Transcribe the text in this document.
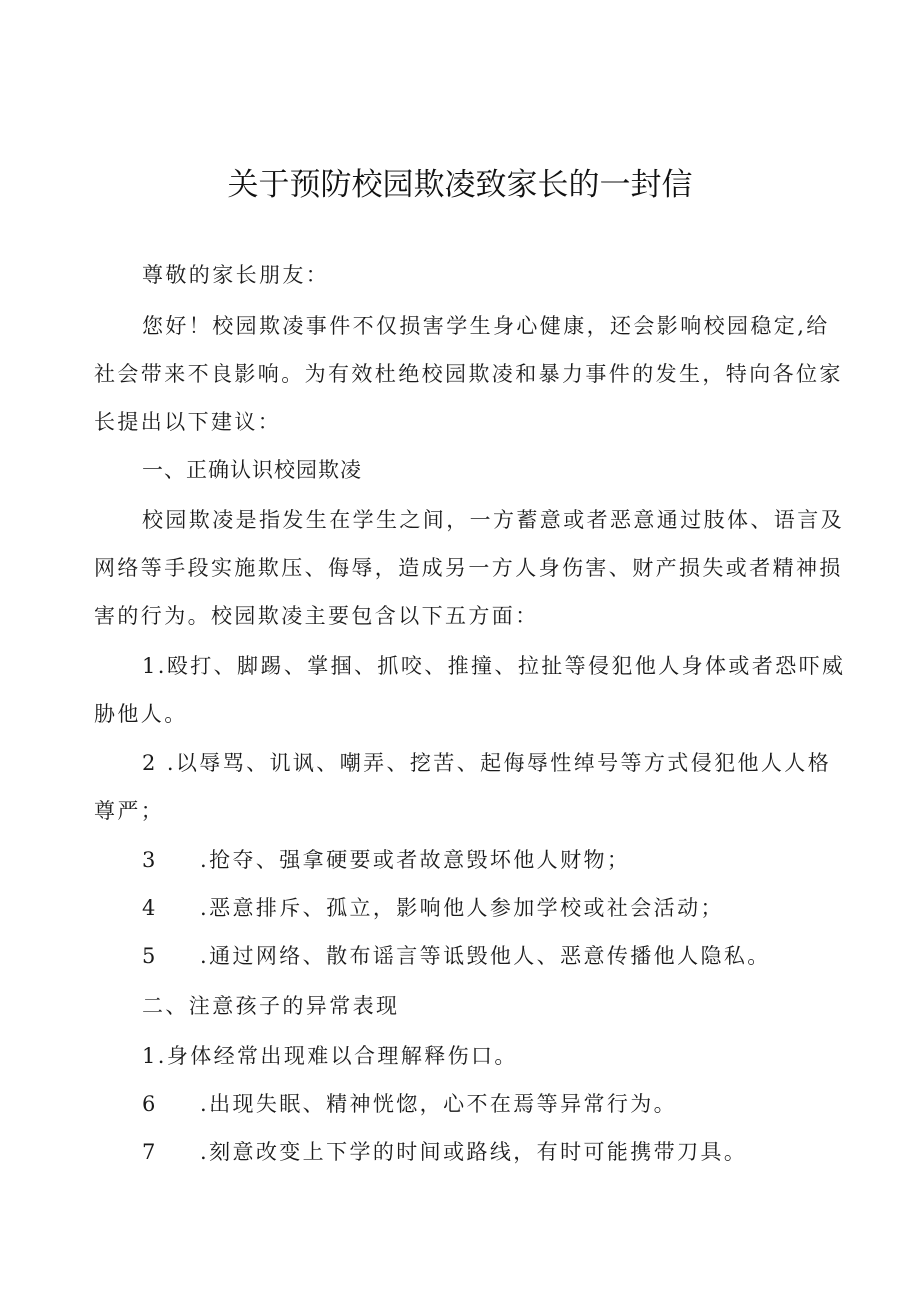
关于预防校园欺凌致家长的一封信
尊敬的家长朋友：
您好！校园欺凌事件不仅损害学生身心健康，还会影响校园稳定,给
社会带来不良影响。为有效杜绝校园欺凌和暴力事件的发生，特向各位家
长提出以下建议：
一、正确认识校园欺凌
校园欺凌是指发生在学生之间，一方蓄意或者恶意通过肢体、语言及
网络等手段实施欺压、侮辱，造成另一方人身伤害、财产损失或者精神损
害的行为。校园欺凌主要包含以下五方面：
1.殴打、脚踢、掌掴、抓咬、推撞、拉扯等侵犯他人身体或者恐吓威
胁他人。
2 .以辱骂、讥讽、嘲弄、挖苦、起侮辱性绰号等方式侵犯他人人格
尊严；
3 .抢夺、强拿硬要或者故意毁坏他人财物；
4 .恶意排斥、孤立，影响他人参加学校或社会活动；
5 .通过网络、散布谣言等诋毁他人、恶意传播他人隐私。
二、注意孩子的异常表现
1.身体经常出现难以合理解释伤口。
6 .出现失眠、精神恍惚，心不在焉等异常行为。
7 .刻意改变上下学的时间或路线，有时可能携带刀具。
